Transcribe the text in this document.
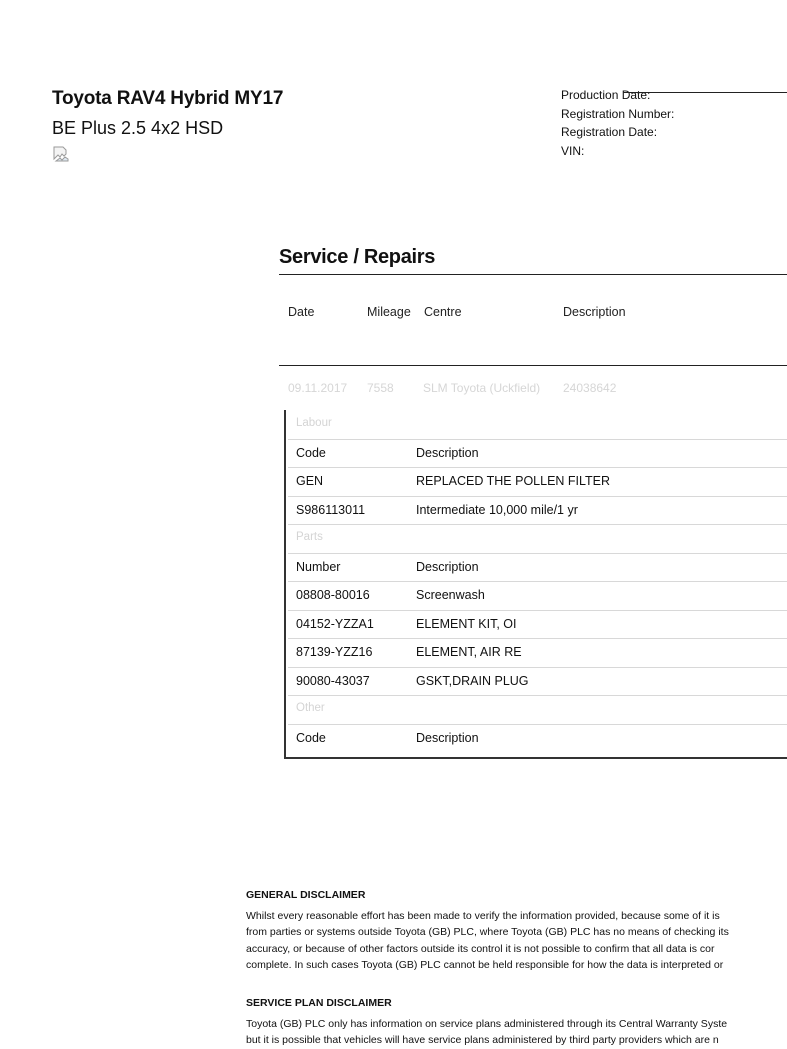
Toyota RAV4 Hybrid MY17
BE Plus 2.5 4x2 HSD
Production Date:
Registration Number:
Registration Date:
VIN:
Service / Repairs
Date	Mileage Centre	Description
09.11.2017 7558 SLM Toyota (Uckfield) 24038642
Labour
Code	Description
GEN	REPLACED THE POLLEN FILTER
S986113011	Intermediate 10,000 mile/1 yr
Parts
Number	Description
08808-80016	Screenwash
04152-YZZA1	ELEMENT KIT, OI
87139-YZZ16	ELEMENT, AIR RE
90080-43037	GSKT,DRAIN PLUG
Other
Code	Description
GENERAL DISCLAIMER
Whilst every reasonable effort has been made to verify the information provided, because some of it is
from parties or systems outside Toyota (GB) PLC, where Toyota (GB) PLC has no means of checking its
accuracy, or because of other factors outside its control it is not possible to confirm that all data is cor
complete. In such cases Toyota (GB) PLC cannot be held responsible for how the data is interpreted or
SERVICE PLAN DISCLAIMER
Toyota (GB) PLC only has information on service plans administered through its Central Warranty Syste
but it is possible that vehicles will have service plans administered by third party providers which are n
